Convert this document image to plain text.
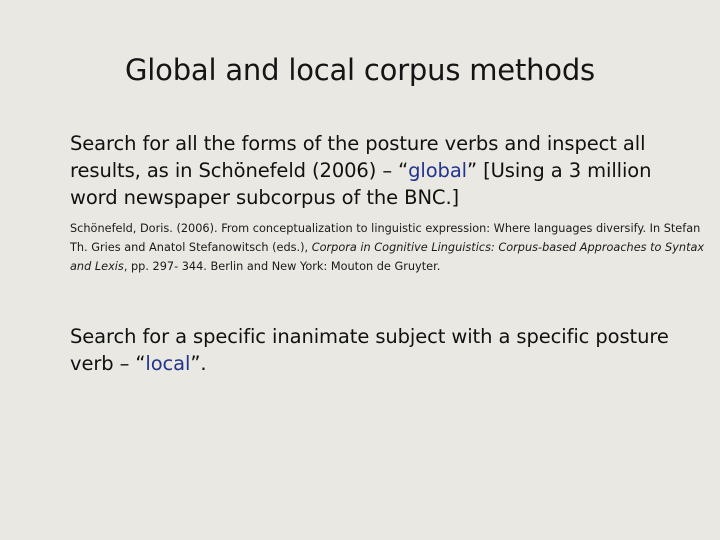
Global and local corpus methods
Search for all the forms of the posture verbs and inspect all results, as in Schönefeld (2006) – “global” [Using a 3 million word newspaper subcorpus of the BNC.]
Schönefeld, Doris. (2006). From conceptualization to linguistic expression: Where languages diversify. In Stefan Th. Gries and Anatol Stefanowitsch (eds.), Corpora in Cognitive Linguistics: Corpus-based Approaches to Syntax and Lexis, pp. 297- 344. Berlin and New York: Mouton de Gruyter.
Search for a specific inanimate subject with a specific posture verb – “local”.
